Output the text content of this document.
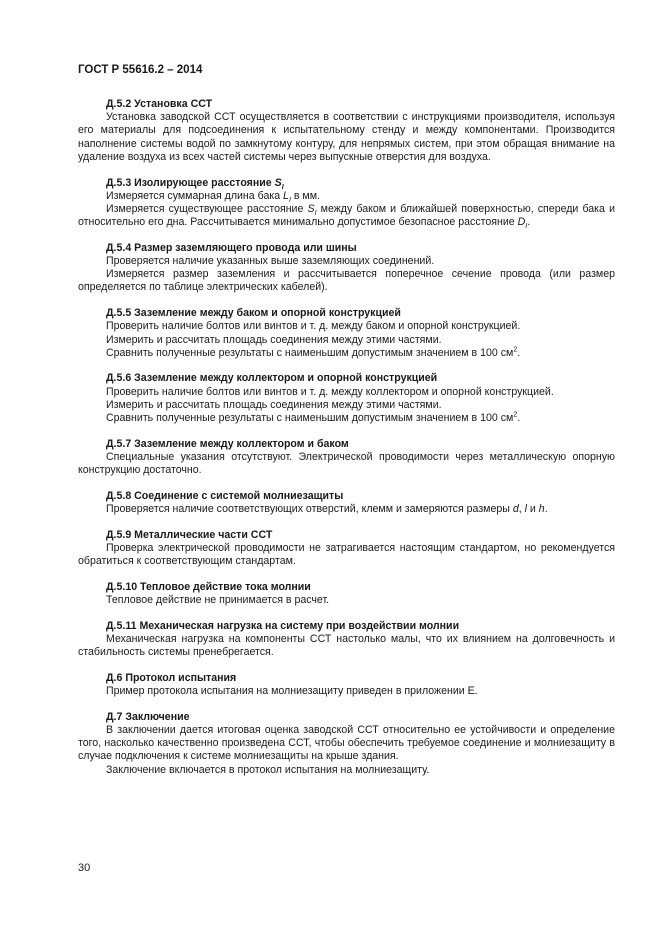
ГОСТ Р 55616.2 – 2014
Д.5.2 Установка ССТ
Установка заводской ССТ осуществляется в соответствии с инструкциями производителя, используя его материалы для подсоединения к испытательному стенду и между компонентами. Производится наполнение системы водой по замкнутому контуру, для непрямых систем, при этом обращая внимание на удаление воздуха из всех частей системы через выпускные отверстия для воздуха.
Д.5.3 Изолирующее расстояние $S_I$
Измеряется суммарная длина бака $L_I$ в мм.
Измеряется существующее расстояние $S_I$ между баком и ближайшей поверхностью, спереди бака и относительно его дна. Рассчитывается минимально допустимое безопасное расстояние $D_I$.
Д.5.4 Размер заземляющего провода или шины
Проверяется наличие указанных выше заземляющих соединений.
Измеряется размер заземления и рассчитывается поперечное сечение провода (или размер определяется по таблице электрических кабелей).
Д.5.5 Заземление между баком и опорной конструкцией
Проверить наличие болтов или винтов и т. д. между баком и опорной конструкцией.
Измерить и рассчитать площадь соединения между этими частями.
Сравнить полученные результаты с наименьшим допустимым значением в 100 $см^2$.
Д.5.6 Заземление между коллектором и опорной конструкцией
Проверить наличие болтов или винтов и т. д. между коллектором и опорной конструкцией.
Измерить и рассчитать площадь соединения между этими частями.
Сравнить полученные результаты с наименьшим допустимым значением в 100 $см^2$.
Д.5.7 Заземление между коллектором и баком
Специальные указания отсутствуют. Электрической проводимости через металлическую опорную конструкцию достаточно.
Д.5.8 Соединение с системой молниезащиты
Проверяется наличие соответствующих отверстий, клемм и замеряются размеры d, l и h.
Д.5.9 Металлические части ССТ
Проверка электрической проводимости не затрагивается настоящим стандартом, но рекомендуется обратиться к соответствующим стандартам.
Д.5.10 Тепловое действие тока молнии
Тепловое действие не принимается в расчет.
Д.5.11 Механическая нагрузка на систему при воздействии молнии
Механическая нагрузка на компоненты ССТ настолько малы, что их влиянием на долговечность и стабильность системы пренебрегается.
Д.6 Протокол испытания
Пример протокола испытания на молниезащиту приведен в приложении Е.
Д.7 Заключение
В заключении дается итоговая оценка заводской ССТ относительно ее устойчивости и определение того, насколько качественно произведена ССТ, чтобы обеспечить требуемое соединение и молниезащиту в случае подключения к системе молниезащиты на крыше здания.
Заключение включается в протокол испытания на молниезащиту.
30
